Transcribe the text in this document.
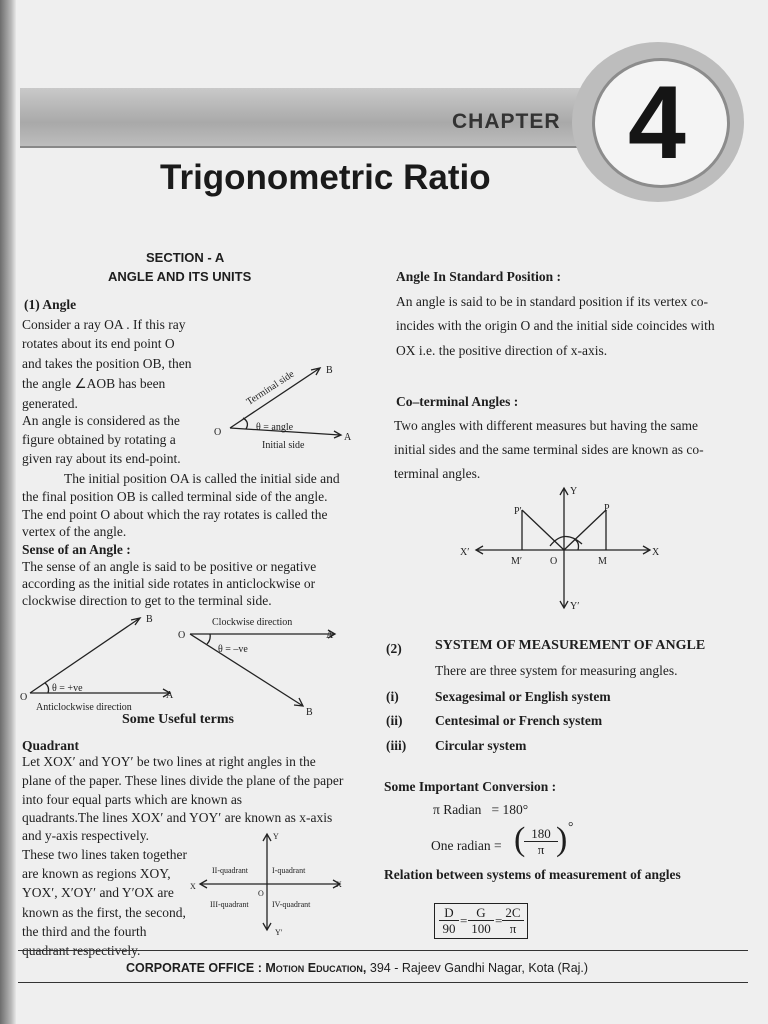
CHAPTER 4
Trigonometric Ratio
SECTION - A
ANGLE AND ITS UNITS
(1) Angle
Consider a ray OA . If this ray
rotates about its end point O
and takes the position OB, then
the angle ∠AOB has been
generated.
An angle is considered as the
figure obtained by rotating a
given ray about its end-point.
O	A
B
Terminal side
θ = angle
Initial side
The initial position OA is called the initial side and
the final position OB is called terminal side of the angle.
The end point O about which the ray rotates is called the
vertex of the angle.
Sense of an Angle :
The sense of an angle is said to be positive or negative
according as the initial side rotates in anticlockwise or
clockwise direction to get to the terminal side.
B
O	A
θ = +ve
Anticlockwise direction
O	A
B
θ = –ve
Clockwise direction
Some Useful terms
Quadrant
Let XOX′ and YOY′ be two lines at right angles in the
plane of the paper. These lines divide the plane of the paper
into four equal parts which are known as
quadrants.The lines XOX′ and YOY′ are known as x-axis
and y-axis respectively.
These two lines taken together
are known as regions XOY,
YOX′, X′OY′ and Y′OX are
known as the first, the second,
the third and the fourth
quadrant respectively.
Y
Y′
X
X
O
I-quadrant
II-quadrant
III-quadrant	IV-quadrant
Angle In Standard Position :
An angle is said to be in standard position if its vertex co-
incides with the origin O and the initial side coincides with
OX i.e. the positive direction of x-axis.
Co–terminal Angles :
Two angles with different measures but having the same
initial sides and the same terminal sides are known as co-
terminal angles.
Y
Y′
X
X′
O	M
M′
P
P′
(2) SYSTEM OF MEASUREMENT OF ANGLE
There are three system for measuring angles.
(i)	Sexagesimal or English system
(ii) Centesimal or French system
(iii) Circular system
Some Important Conversion :
π Radian   = 180°
One radian = (
$\frac{180}{\pi}$
) °
Relation between systems of measurement of angles
$\frac{D}{90} = \frac{G}{100} = \frac{2C}{\pi}$
CORPORATE OFFICE : Motion Education, 394 - Rajeev Gandhi Nagar, Kota (Raj.)
